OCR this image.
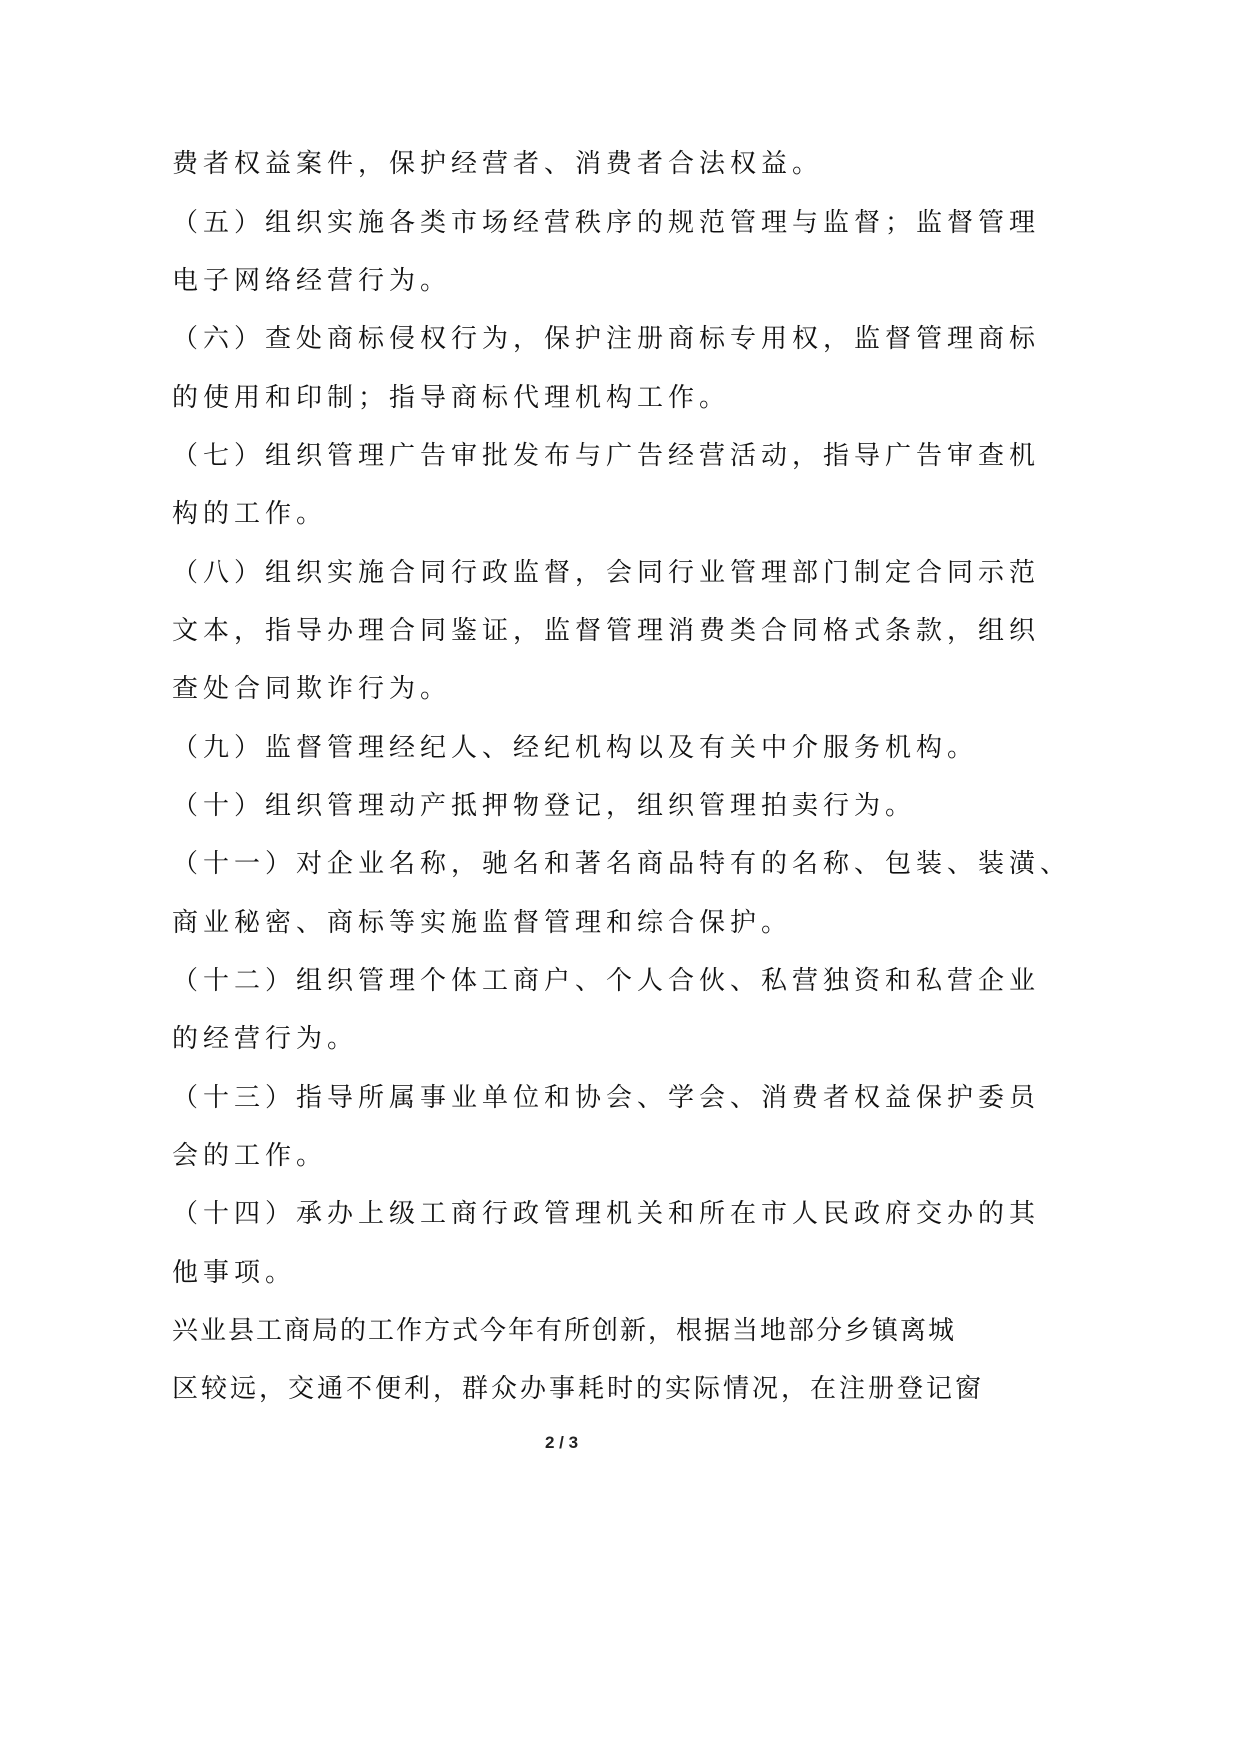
费者权益案件，保护经营者、消费者合法权益。
（五）组织实施各类市场经营秩序的规范管理与监督；监督管理
电子网络经营行为。
（六）查处商标侵权行为，保护注册商标专用权，监督管理商标
的使用和印制；指导商标代理机构工作。
（七）组织管理广告审批发布与广告经营活动，指导广告审查机
构的工作。
（八）组织实施合同行政监督，会同行业管理部门制定合同示范
文本，指导办理合同鉴证，监督管理消费类合同格式条款，组织
查处合同欺诈行为。
（九）监督管理经纪人、经纪机构以及有关中介服务机构。
（十）组织管理动产抵押物登记，组织管理拍卖行为。
（十一）对企业名称，驰名和著名商品特有的名称、包装、装潢、
商业秘密、商标等实施监督管理和综合保护。
（十二）组织管理个体工商户、个人合伙、私营独资和私营企业
的经营行为。
（十三）指导所属事业单位和协会、学会、消费者权益保护委员
会的工作。
（十四）承办上级工商行政管理机关和所在市人民政府交办的其
他事项。
兴业县工商局的工作方式今年有所创新，根据当地部分乡镇离城
区较远，交通不便利，群众办事耗时的实际情况，在注册登记窗
2 / 3
